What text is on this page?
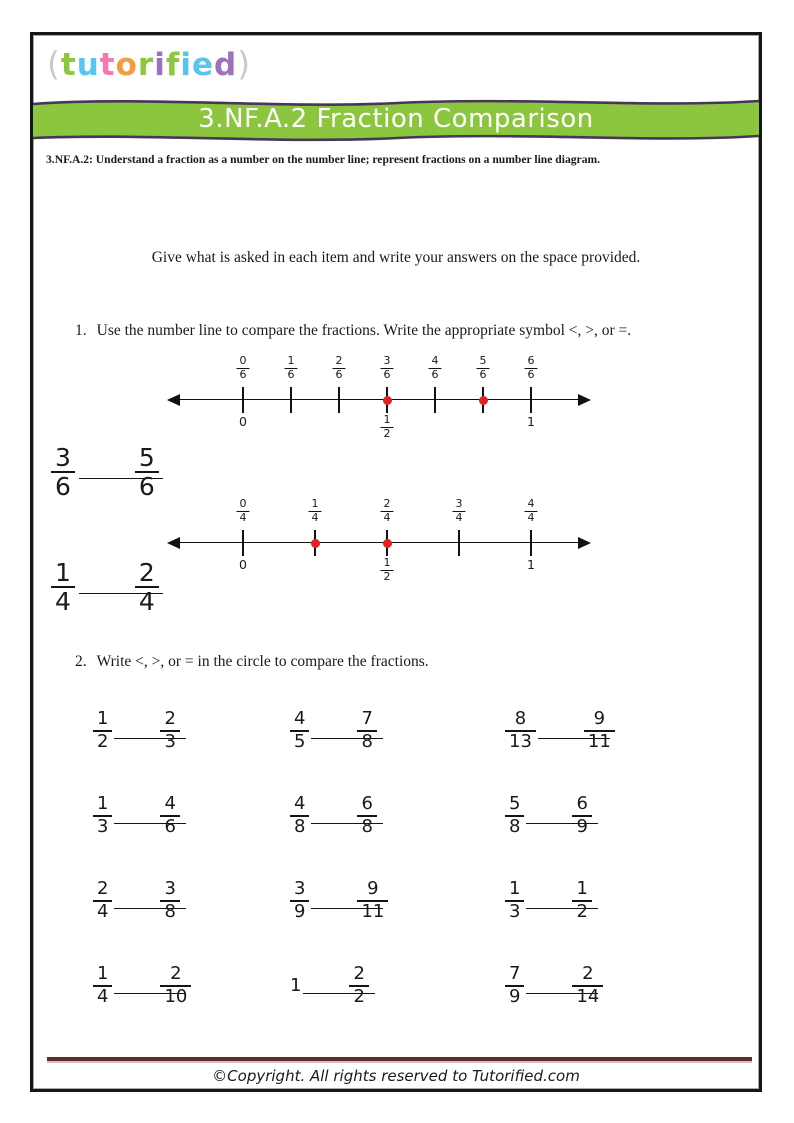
(tutorified)
3.NF.A.2 Fraction Comparison
3.NF.A.2: Understand a fraction as a number on the number line; represent fractions on a number line diagram.
Give what is asked in each item and write your answers on the space provided.
1. Use the number line to compare the fractions. Write the appropriate symbol <, >, or =.
$\frac{0}{6}$	$\frac{1}{6}$	$\frac{2}{6}$	$\frac{3}{6}$	$\frac{4}{6}$	$\frac{5}{6}$	$\frac{6}{6}$
0	$\frac{1}{2}$	1
$\frac{3}{6} \frac{5}{6}$
$\frac{0}{4}$	$\frac{1}{4}$	$\frac{2}{4}$	$\frac{3}{4}$	$\frac{4}{4}$
0	$\frac{1}{2}$	1
$\frac{1}{4} \frac{2}{4}$
2. Write <, >, or = in the circle to compare the fractions.
$\frac{1}{2}$	$\frac{2}{3}$	$\frac{4}{5}$	$\frac{7}{8}$	$\frac{8}{13}$	$\frac{9}{11}$
$\frac{1}{3}$	$\frac{4}{6}$	$\frac{4}{8}$	$\frac{6}{8}$	$\frac{5}{8}$	$\frac{6}{9}$
$\frac{2}{4}$	$\frac{3}{8}$	$\frac{3}{9}$	$\frac{9}{11}$	$\frac{1}{3}$	$\frac{1}{2}$
$\frac{1}{4}$	$\frac{2}{10}$	1	$\frac{2}{2}$	$\frac{7}{9}$	$\frac{2}{14}$
©Copyright. All rights reserved to Tutorified.com
